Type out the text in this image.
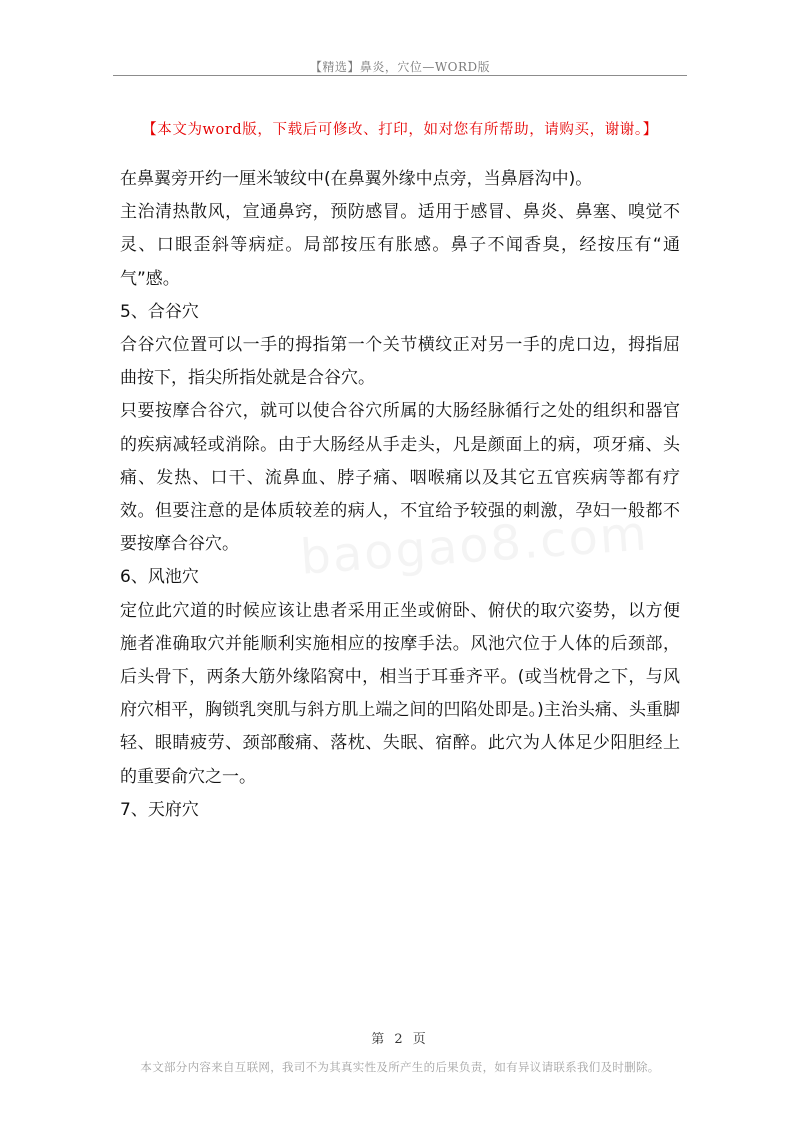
【精选】鼻炎，穴位—WORD版
【本文为word版，下载后可修改、打印，如对您有所帮助，请购买，谢谢。】

在鼻翼旁开约一厘米皱纹中(在鼻翼外缘中点旁，当鼻唇沟中)。

主治清热散风，宣通鼻窍，预防感冒。适用于感冒、鼻炎、鼻塞、嗅觉不灵、口眼歪斜等病症。局部按压有胀感。鼻子不闻香臭，经按压有“通气”感。

5、合谷穴

合谷穴位置可以一手的拇指第一个关节横纹正对另一手的虎口边，拇指屈曲按下，指尖所指处就是合谷穴。

只要按摩合谷穴，就可以使合谷穴所属的大肠经脉循行之处的组织和器官的疾病减轻或消除。由于大肠经从手走头，凡是颜面上的病，项牙痛、头痛、发热、口干、流鼻血、脖子痛、咽喉痛以及其它五官疾病等都有疗效。但要注意的是体质较差的病人，不宜给予较强的刺激，孕妇一般都不要按摩合谷穴。

6、风池穴

定位此穴道的时候应该让患者采用正坐或俯卧、俯伏的取穴姿势，以方便施者准确取穴并能顺利实施相应的按摩手法。风池穴位于人体的后颈部，后头骨下，两条大筋外缘陷窝中，相当于耳垂齐平。(或当枕骨之下，与风府穴相平，胸锁乳突肌与斜方肌上端之间的凹陷处即是。)主治头痛、头重脚轻、眼睛疲劳、颈部酸痛、落枕、失眠、宿醉。此穴为人体足少阳胆经上的重要俞穴之一。

7、天府穴

第 2 页
本文部分内容来自互联网，我司不为其真实性及所产生的后果负责，如有异议请联系我们及时删除。
